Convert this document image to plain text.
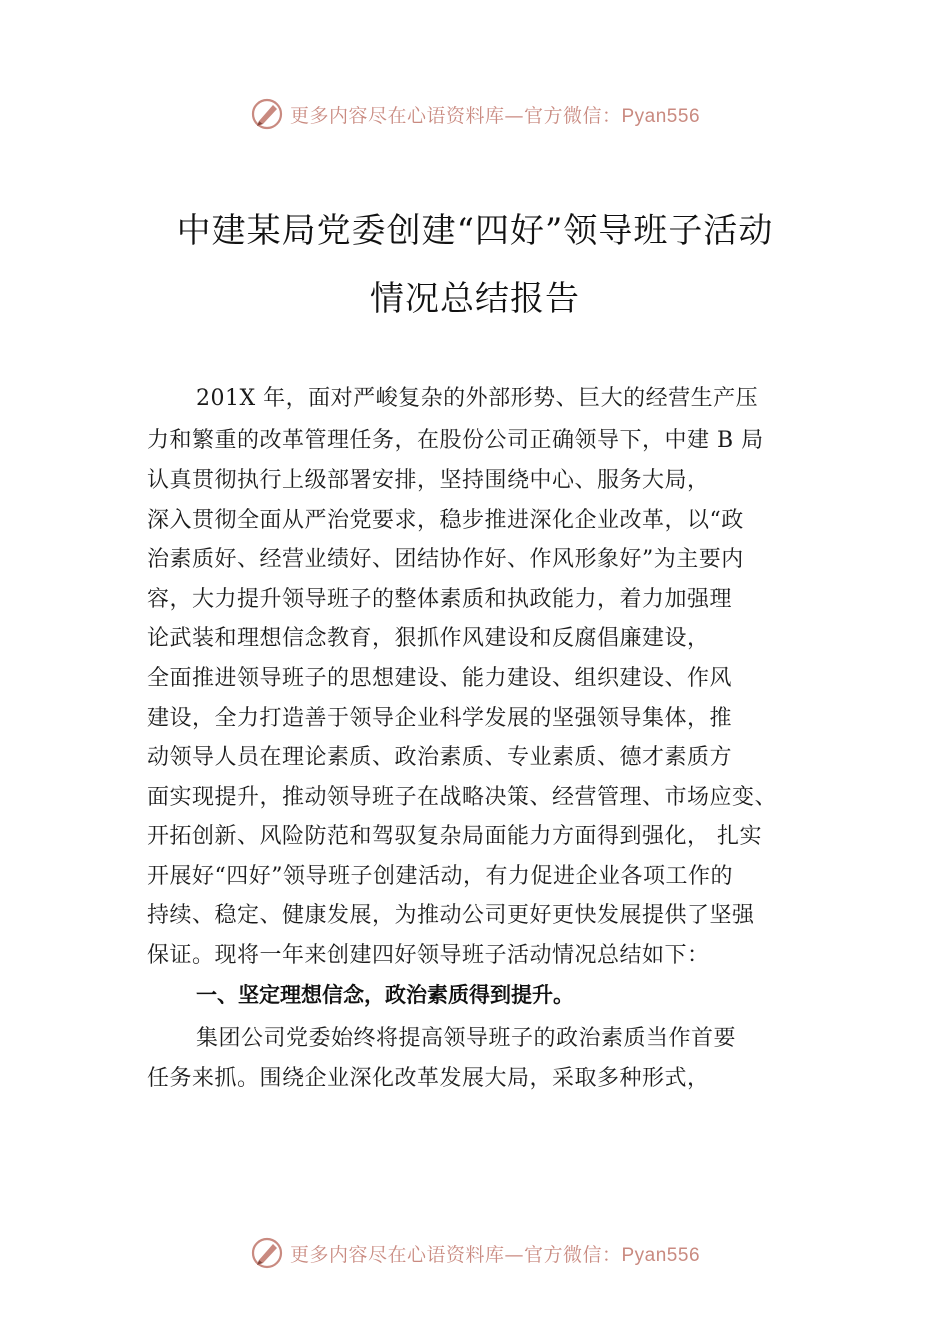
更多内容尽在心语资料库—官方微信：Pyan556
中建某局党委创建“四好”领导班子活动
情况总结报告
201X 年，面对严峻复杂的外部形势、巨大的经营生产压
力和繁重的改革管理任务，在股份公司正确领导下，中建 B 局
认真贯彻执行上级部署安排，坚持围绕中心、服务大局，
深入贯彻全面从严治党要求，稳步推进深化企业改革，以“政
治素质好、经营业绩好、团结协作好、作风形象好”为主要内
容，大力提升领导班子的整体素质和执政能力，着力加强理
论武装和理想信念教育，狠抓作风建设和反腐倡廉建设，
全面推进领导班子的思想建设、能力建设、组织建设、作风
建设，全力打造善于领导企业科学发展的坚强领导集体，推
动领导人员在理论素质、政治素质、专业素质、德才素质方
面实现提升，推动领导班子在战略决策、经营管理、市场应变、
开拓创新、风险防范和驾驭复杂局面能力方面得到强化， 扎实
开展好“四好”领导班子创建活动，有力促进企业各项工作的
持续、稳定、健康发展，为推动公司更好更快发展提供了坚强
保证。现将一年来创建四好领导班子活动情况总结如下：
一、坚定理想信念，政治素质得到提升。
集团公司党委始终将提高领导班子的政治素质当作首要
任务来抓。围绕企业深化改革发展大局，采取多种形式，
更多内容尽在心语资料库—官方微信：Pyan556
